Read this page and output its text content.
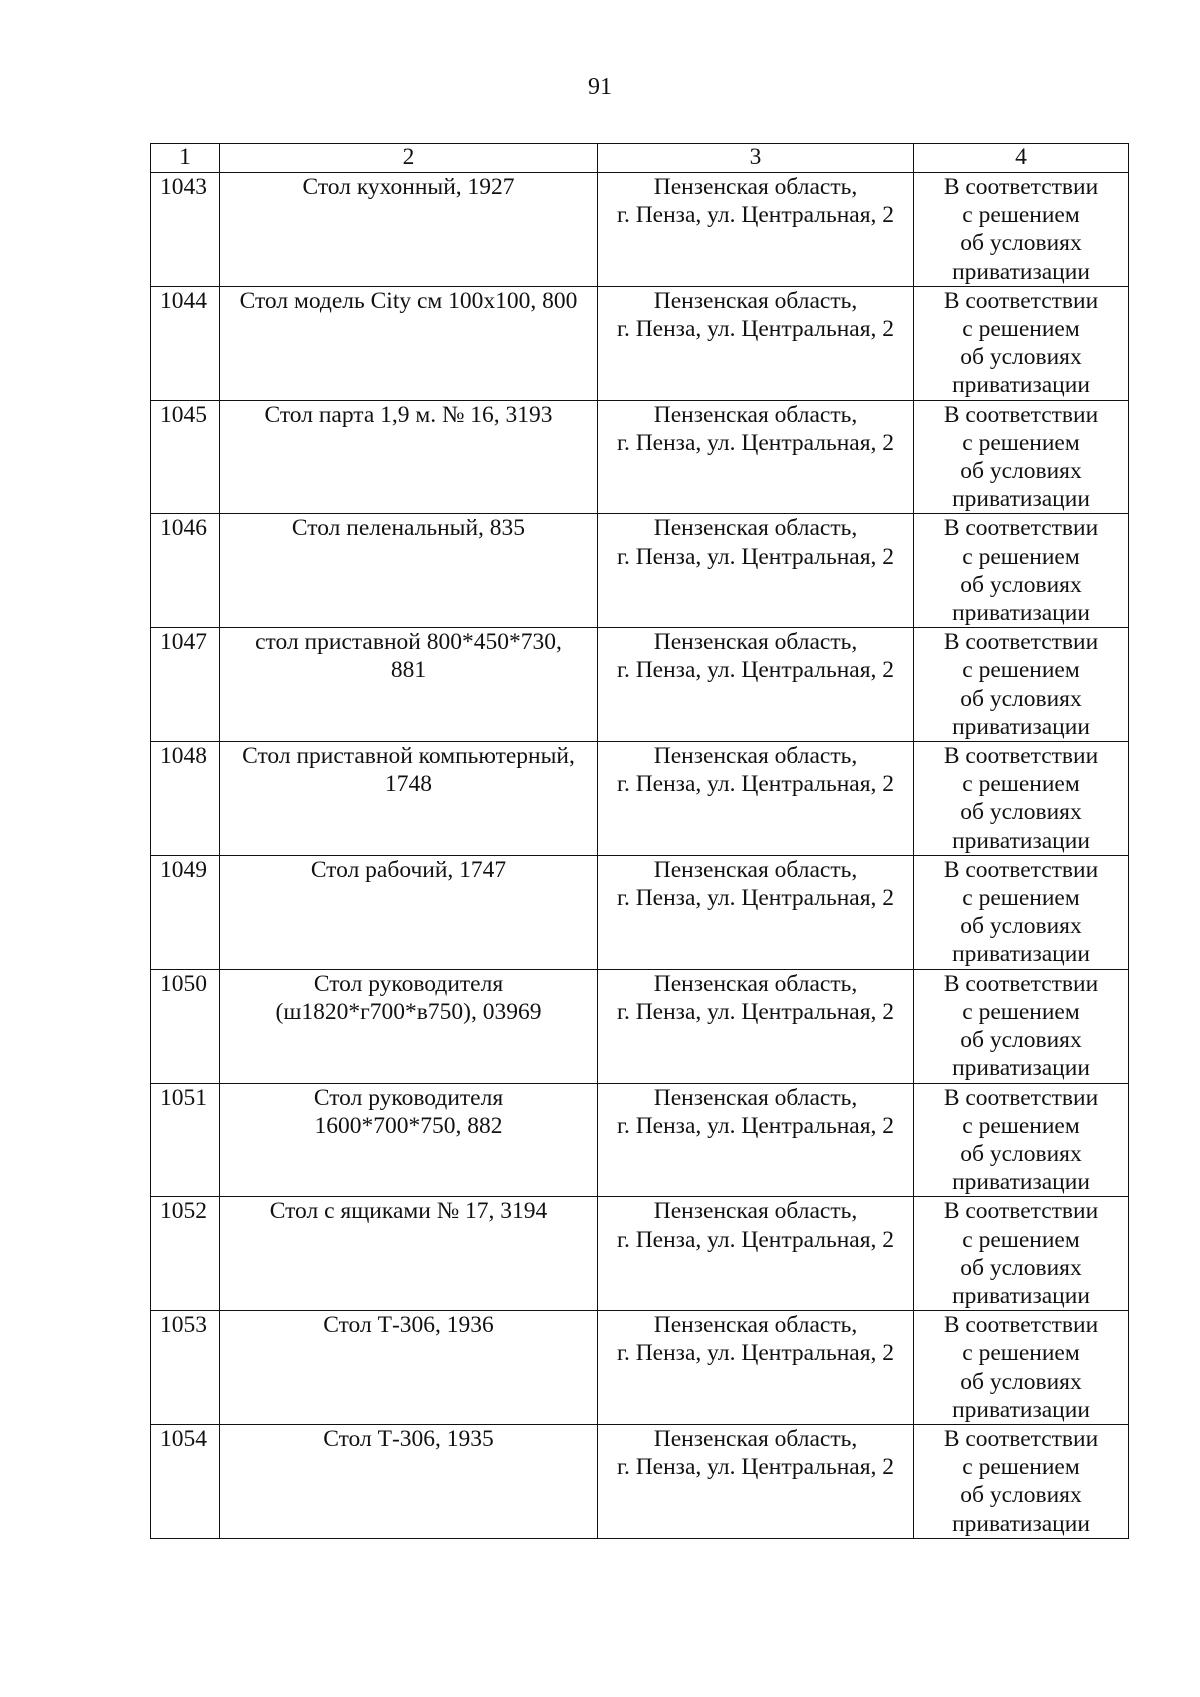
91
1	2	3	4
1043	Стол кухонный, 1927	Пензенская область,
г. Пенза, ул. Центральная, 2	В соответствии
с решением
об условиях
приватизации

1044	Стол модель City см 100х100, 800	Пензенская область,
г. Пенза, ул. Центральная, 2	В соответствии
с решением
об условиях
приватизации

1045	Стол парта 1,9 м. № 16, 3193	Пензенская область,
г. Пенза, ул. Центральная, 2	В соответствии
с решением
об условиях
приватизации

1046	Стол пеленальный, 835	Пензенская область,
г. Пенза, ул. Центральная, 2	В соответствии
с решением
об условиях
приватизации

1047	стол приставной 800*450*730,
881	Пензенская область,
г. Пенза, ул. Центральная, 2	В соответствии
с решением
об условиях
приватизации

1048	Стол приставной компьютерный,
1748	Пензенская область,
г. Пенза, ул. Центральная, 2	В соответствии
с решением
об условиях
приватизации

1049	Стол рабочий, 1747	Пензенская область,
г. Пенза, ул. Центральная, 2	В соответствии
с решением
об условиях
приватизации

1050	Стол руководителя
(ш1820*г700*в750), 03969	Пензенская область,
г. Пенза, ул. Центральная, 2	В соответствии
с решением
об условиях
приватизации

1051	Стол руководителя
1600*700*750, 882	Пензенская область,
г. Пенза, ул. Центральная, 2	В соответствии
с решением
об условиях
приватизации

1052	Стол с ящиками № 17, 3194	Пензенская область,
г. Пенза, ул. Центральная, 2	В соответствии
с решением
об условиях
приватизации

1053	Стол Т-306, 1936	Пензенская область,
г. Пенза, ул. Центральная, 2	В соответствии
с решением
об условиях
приватизации

1054	Стол Т-306, 1935	Пензенская область,
г. Пенза, ул. Центральная, 2	В соответствии
с решением
об условиях
приватизации
